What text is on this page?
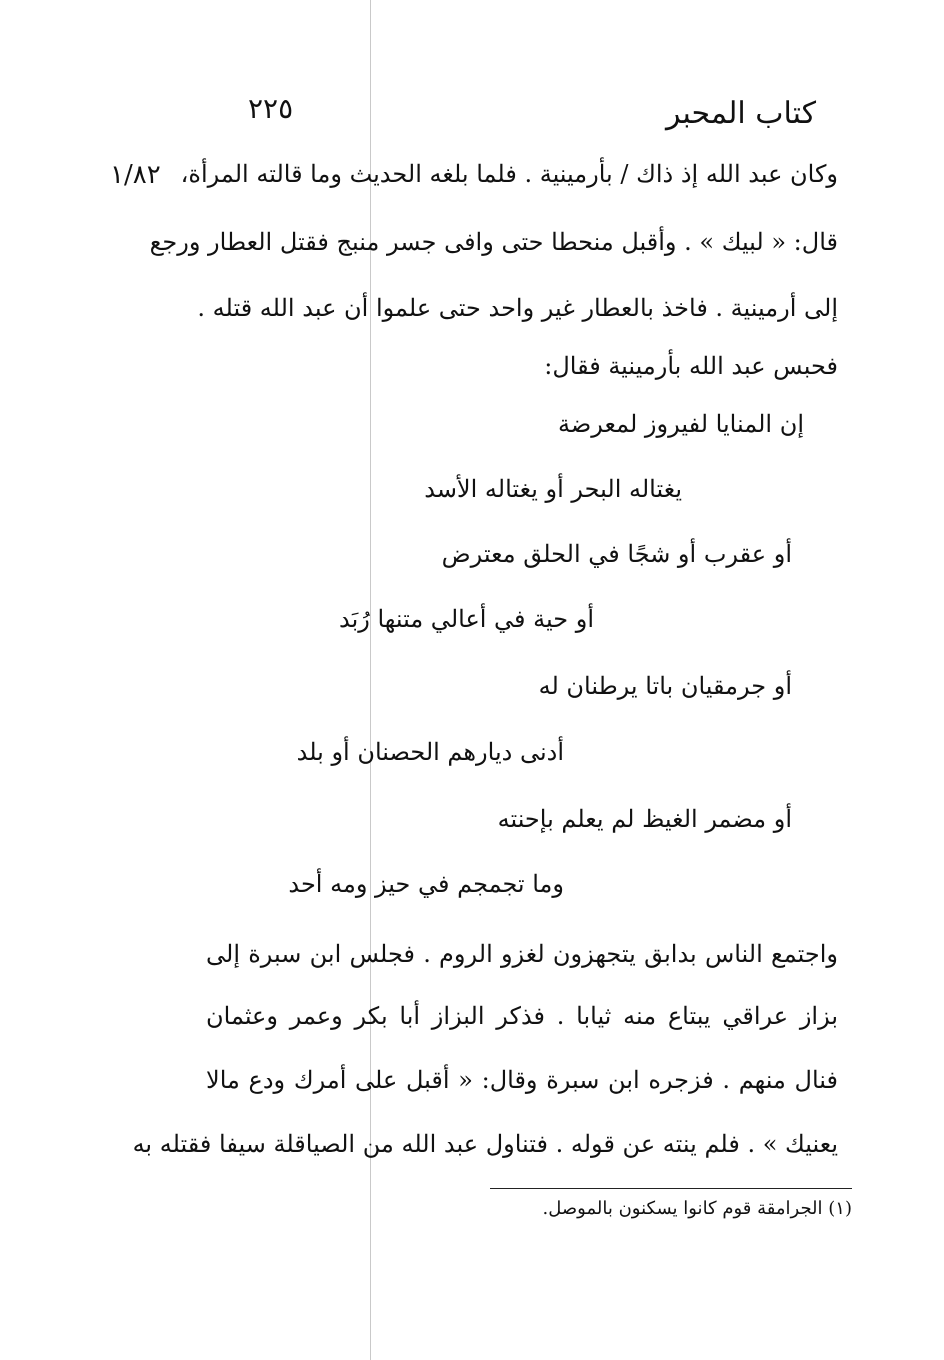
كتاب المحبر
٢٢٥
١/٨٢ وكان عبد الله إذ ذاك / بأرمينية . فلما بلغه الحديث وما قالته المرأة،
قال: « لبيك » . وأقبل منحطا حتى وافى جسر منبج فقتل العطار ورجع
إلى أرمينية . فاخذ بالعطار غير واحد حتى علموا أن عبد الله قتله .
فحبس عبد الله بأرمينية فقال:
إن المنايا لفيروز لمعرضة
يغتاله البحر أو يغتاله الأسد
أو عقرب أو شجًا في الحلق معترض
أو حية في أعالي متنها رُبَد
أو جرمقيان باتا يرطنان له
أدنى ديارهم الحصنان أو بلد
أو مضمر الغيظ لم يعلم بإحنته
وما تجمجم في حيز ومه أحد
واجتمع الناس بدابق يتجهزون لغزو الروم . فجلس ابن سبرة إلى
بزاز عراقي يبتاع منه ثيابا . فذكر البزاز أبا بكر وعمر وعثمان
فنال منهم . فزجره ابن سبرة وقال: « أقبل على أمرك ودع مالا
يعنيك » . فلم ينته عن قوله . فتناول عبد الله من الصياقلة سيفا فقتله به
(١) الجرامقة قوم كانوا يسكنون بالموصل.
